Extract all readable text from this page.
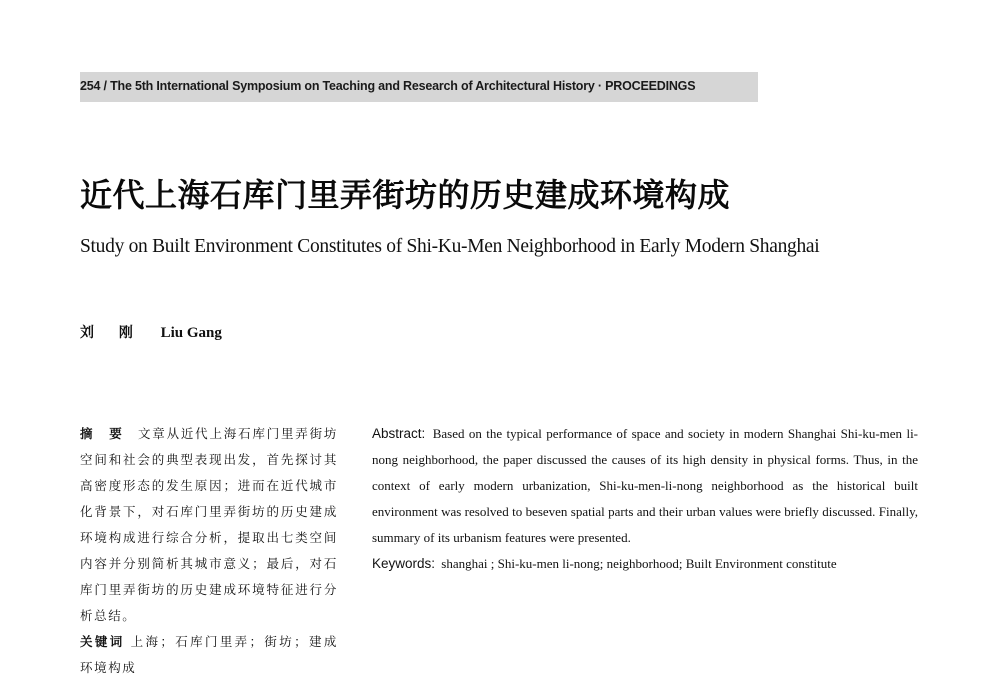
254 / The 5th International Symposium on Teaching and Research of Architectural History · PROCEEDINGS
近代上海石库门里弄街坊的历史建成环境构成
Study on Built Environment Constitutes of Shi-Ku-Men Neighborhood in Early Modern Shanghai
刘 刚 Liu Gang
摘 要 文章从近代上海石库门里弄街坊空间和社会的典型表现出发，首先探讨其高密度形态的发生原因；进而在近代城市化背景下，对石库门里弄街坊的历史建成环境构成进行综合分析，提取出七类空间内容并分别简析其城市意义；最后，对石库门里弄街坊的历史建成环境特征进行分析总结。
关键词 上海；石库门里弄；街坊；建成环境构成

Abstract: Based on the typical performance of space and society in modern Shanghai Shi-ku-men li-nong neighborhood, the paper discussed the causes of its high density in physical forms. Thus, in the context of early modern urbanization, Shi-ku-men-li-nong neighborhood as the historical built environment was resolved to beseven spatial parts and their urban values were briefly discussed. Finally, summary of its urbanism features were presented.

Keywords: shanghai ; Shi-ku-men li-nong; neighborhood; Built Environment constitute
